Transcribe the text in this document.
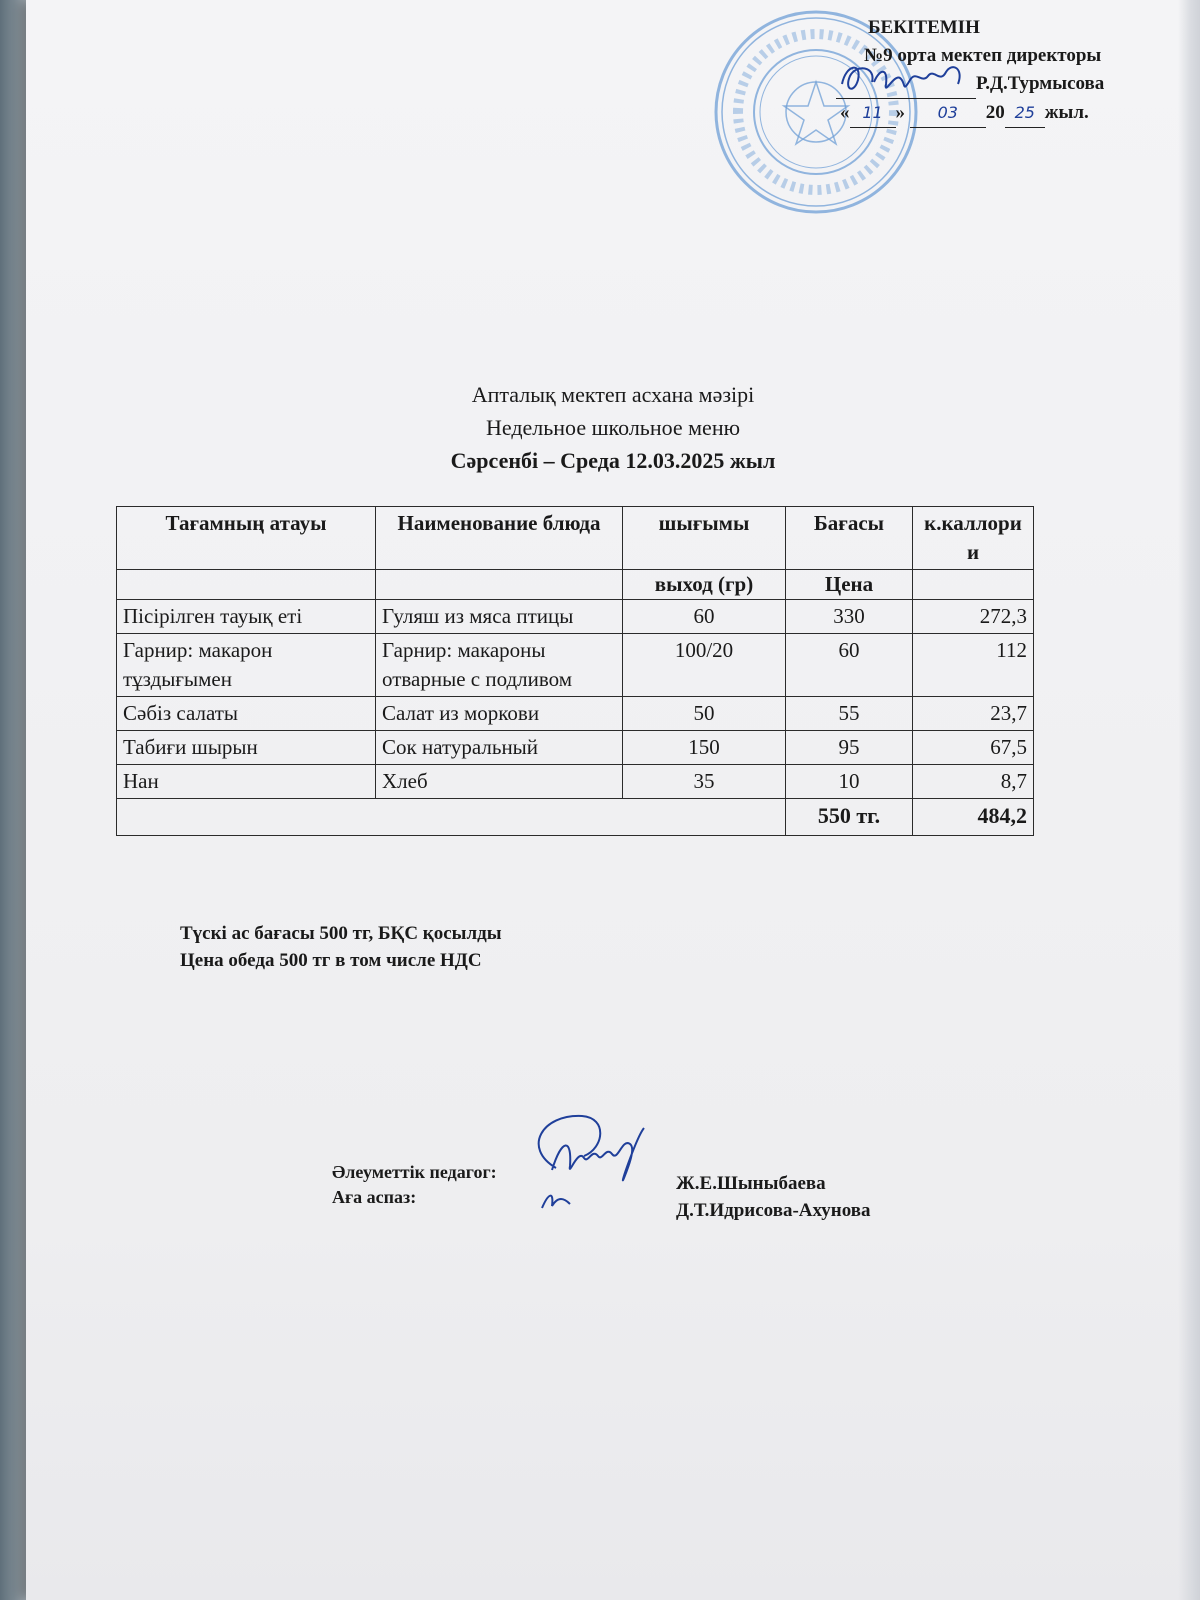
БЕКІТЕМІН
№9 орта мектеп директоры
Р.Д.Турмысова
« 11 » 03 20 25 жыл.
Апталық мектеп асхана мәзірі
Недельное школьное меню
Сәрсенбі – Среда 12.03.2025 жыл
Тағамның атауы	Наименование блюда	шығымы	Бағасы	к.каллории
		выход (гр)	Цена	
Пісірілген тауық еті	Гуляш из мяса птицы	60	330	272,3
Гарнир: макарон тұздығымен	Гарнир: макароны отварные с подливом	100/20	60	112
Сәбіз салаты	Салат из моркови	50	55	23,7
Табиғи шырын	Сок натуральный	150	95	67,5
Нан	Хлеб	35	10	8,7
			550 тг.	484,2
Түскі ас бағасы 500 тг, БҚС қосылды
Цена обеда 500 тг в том числе НДС
Әлеуметтік педагог:
Аға аспаз:
Ж.Е.Шыныбаева
Д.Т.Идрисова-Ахунова
